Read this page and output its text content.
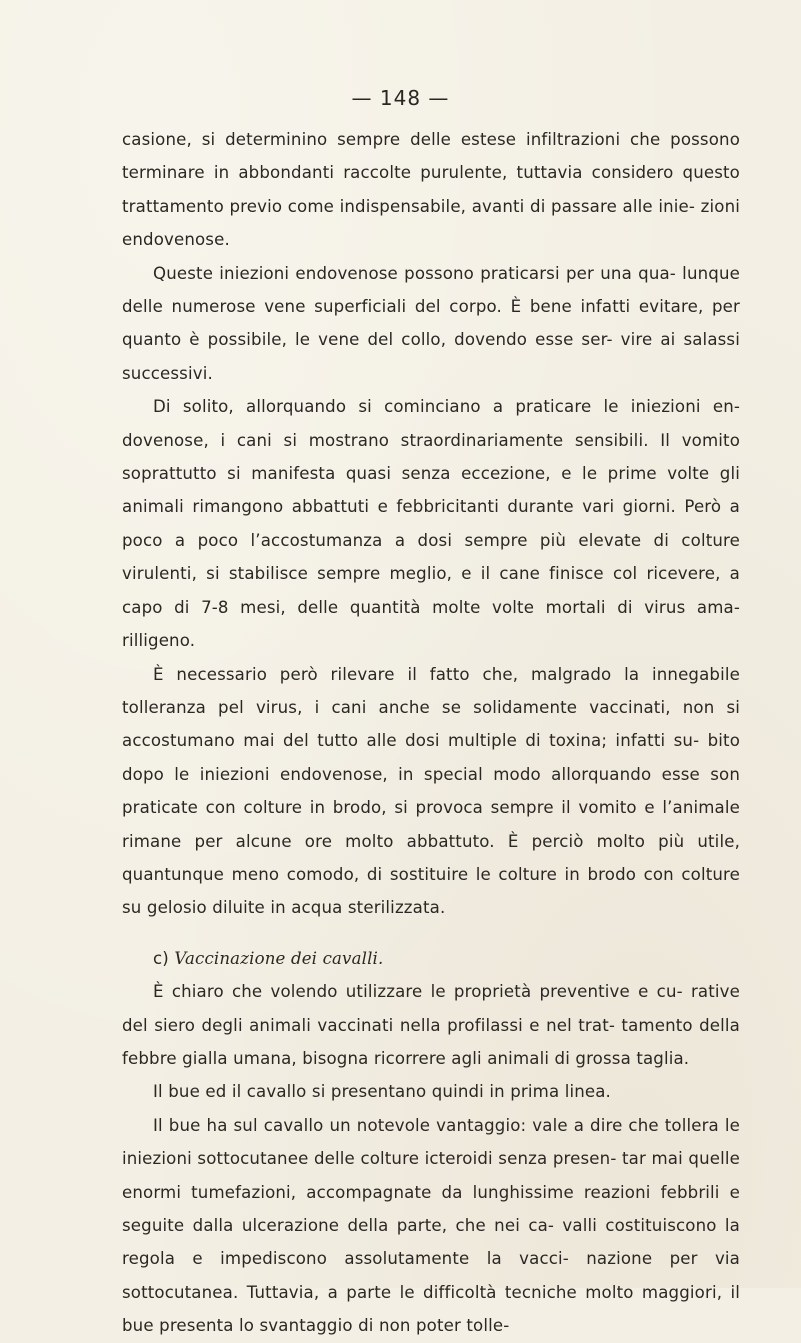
— 148 —

casione, si determinino sempre delle estese infiltrazioni che possono terminare in abbondanti raccolte purulente, tuttavia considero questo trattamento previo come indispensabile, avanti di passare alle inie- zioni endovenose.

Queste iniezioni endovenose possono praticarsi per una qua- lunque delle numerose vene superficiali del corpo. È bene infatti evitare, per quanto è possibile, le vene del collo, dovendo esse ser- vire ai salassi successivi.

Di solito, allorquando si cominciano a praticare le iniezioni en- dovenose, i cani si mostrano straordinariamente sensibili. Il vomito soprattutto si manifesta quasi senza eccezione, e le prime volte gli animali rimangono abbattuti e febbricitanti durante vari giorni. Però a poco a poco l’accostumanza a dosi sempre più elevate di colture virulenti, si stabilisce sempre meglio, e il cane finisce col ricevere, a capo di 7-8 mesi, delle quantità molte volte mortali di virus ama- rilligeno.

È necessario però rilevare il fatto che, malgrado la innegabile tolleranza pel virus, i cani anche se solidamente vaccinati, non si accostumano mai del tutto alle dosi multiple di toxina; infatti su- bito dopo le iniezioni endovenose, in special modo allorquando esse son praticate con colture in brodo, si provoca sempre il vomito e l’animale rimane per alcune ore molto abbattuto. È perciò molto più utile, quantunque meno comodo, di sostituire le colture in brodo con colture su gelosio diluite in acqua sterilizzata.

c) Vaccinazione dei cavalli.

È chiaro che volendo utilizzare le proprietà preventive e cu- rative del siero degli animali vaccinati nella profilassi e nel trat- tamento della febbre gialla umana, bisogna ricorrere agli animali di grossa taglia.

Il bue ed il cavallo si presentano quindi in prima linea.

Il bue ha sul cavallo un notevole vantaggio: vale a dire che tollera le iniezioni sottocutanee delle colture icteroidi senza presen- tar mai quelle enormi tumefazioni, accompagnate da lunghissime reazioni febbrili e seguite dalla ulcerazione della parte, che nei ca- valli costituiscono la regola e impediscono assolutamente la vacci- nazione per via sottocutanea. Tuttavia, a parte le difficoltà tecniche molto maggiori, il bue presenta lo svantaggio di non poter tolle-
